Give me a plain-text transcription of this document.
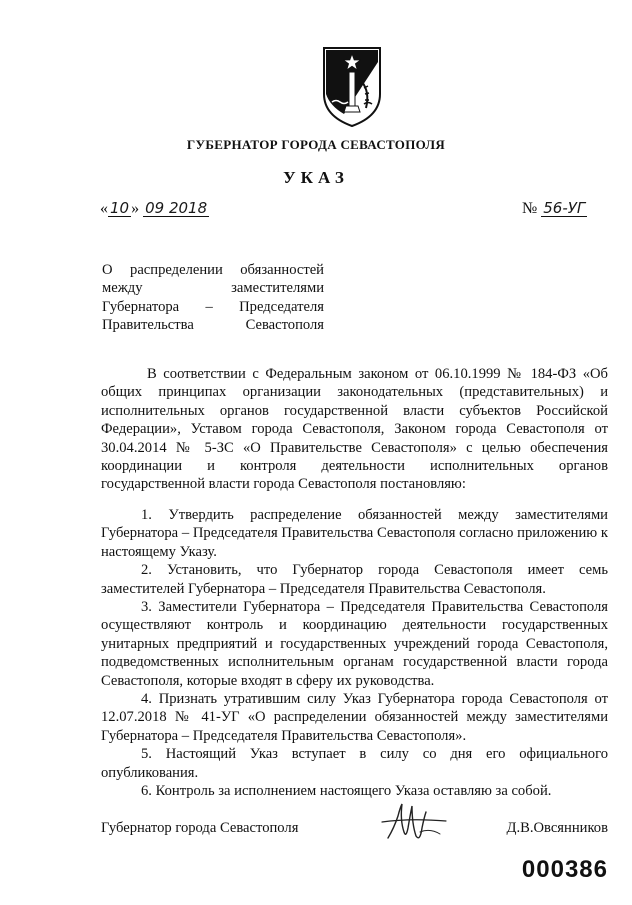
ГУБЕРНАТОР ГОРОДА СЕВАСТОПОЛЯ
УКАЗ
« 10 » 09 2018	№ 56-УГ
О распределении обязанностей
между заместителями
Губернатора – Председателя
Правительства Севастополя

В соответствии с Федеральным законом от 06.10.1999 № 184-ФЗ «Об общих принципах организации законодательных (представительных) и исполнительных органов государственной власти субъектов Российской Федерации», Уставом города Севастополя, Законом города Севастополя от 30.04.2014 № 5-ЗС «О Правительстве Севастополя» с целью обеспечения координации и контроля деятельности исполнительных органов государственной власти города Севастополя постановляю:

1. Утвердить распределение обязанностей между заместителями Губернатора – Председателя Правительства Севастополя согласно приложению к настоящему Указу.

2. Установить, что Губернатор города Севастополя имеет семь заместителей Губернатора – Председателя Правительства Севастополя.

3. Заместители Губернатора – Председателя Правительства Севастополя осуществляют контроль и координацию деятельности государственных унитарных предприятий и государственных учреждений города Севастополя, подведомственных исполнительным органам государственной власти города Севастополя, которые входят в сферу их руководства.

4. Признать утратившим силу Указ Губернатора города Севастополя от 12.07.2018 № 41-УГ «О распределении обязанностей между заместителями Губернатора – Председателя Правительства Севастополя».

5. Настоящий Указ вступает в силу со дня его официального опубликования.

6. Контроль за исполнением настоящего Указа оставляю за собой.

Губернатор города Севастополя	Д.В.Овсянников
000386
